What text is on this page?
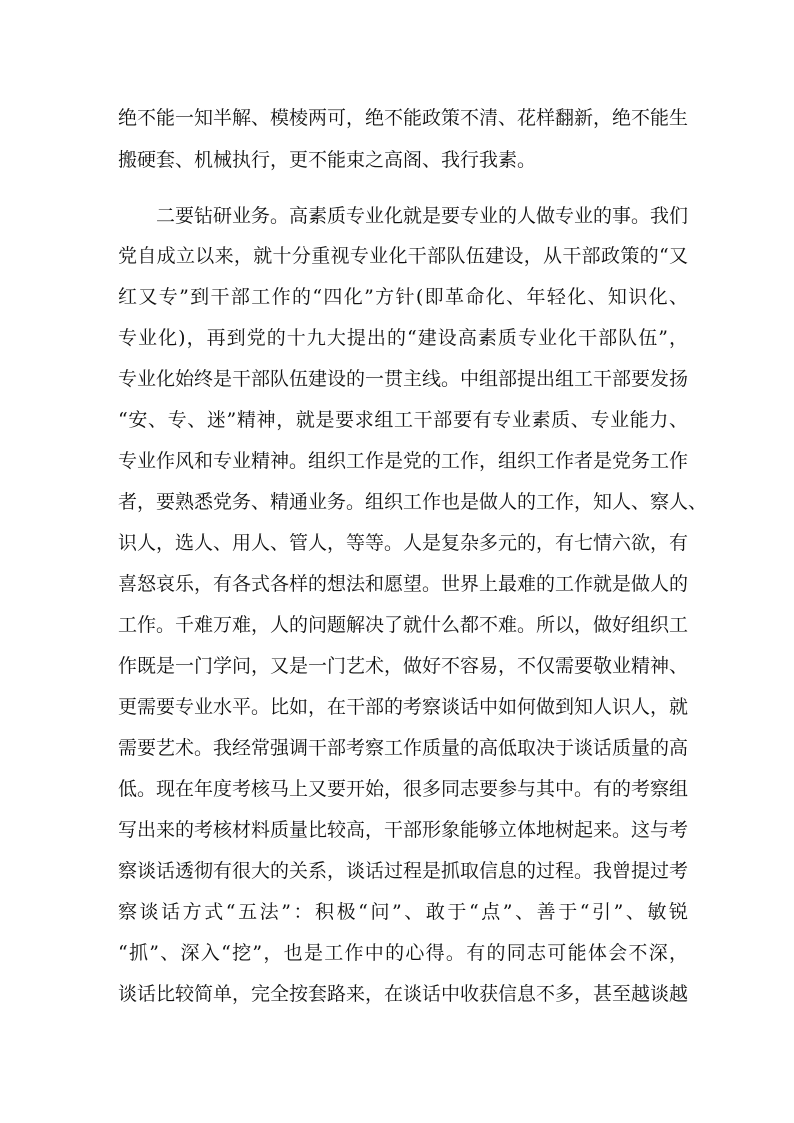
绝不能一知半解、模棱两可，绝不能政策不清、花样翻新，绝不能生
搬硬套、机械执行，更不能束之高阁、我行我素。
二要钻研业务。高素质专业化就是要专业的人做专业的事。我们
党自成立以来，就十分重视专业化干部队伍建设，从干部政策的“又
红又专”到干部工作的“四化”方针(即革命化、年轻化、知识化、
专业化)，再到党的十九大提出的“建设高素质专业化干部队伍”，
专业化始终是干部队伍建设的一贯主线。中组部提出组工干部要发扬
“安、专、迷”精神，就是要求组工干部要有专业素质、专业能力、
专业作风和专业精神。组织工作是党的工作，组织工作者是党务工作
者，要熟悉党务、精通业务。组织工作也是做人的工作，知人、察人、
识人，选人、用人、管人，等等。人是复杂多元的，有七情六欲，有
喜怒哀乐，有各式各样的想法和愿望。世界上最难的工作就是做人的
工作。千难万难，人的问题解决了就什么都不难。所以，做好组织工
作既是一门学问，又是一门艺术，做好不容易，不仅需要敬业精神、
更需要专业水平。比如，在干部的考察谈话中如何做到知人识人，就
需要艺术。我经常强调干部考察工作质量的高低取决于谈话质量的高
低。现在年度考核马上又要开始，很多同志要参与其中。有的考察组
写出来的考核材料质量比较高，干部形象能够立体地树起来。这与考
察谈话透彻有很大的关系，谈话过程是抓取信息的过程。我曾提过考
察谈话方式“五法”：积极“问”、敢于“点”、善于“引”、敏锐
“抓”、深入“挖”，也是工作中的心得。有的同志可能体会不深，
谈话比较简单，完全按套路来，在谈话中收获信息不多，甚至越谈越
